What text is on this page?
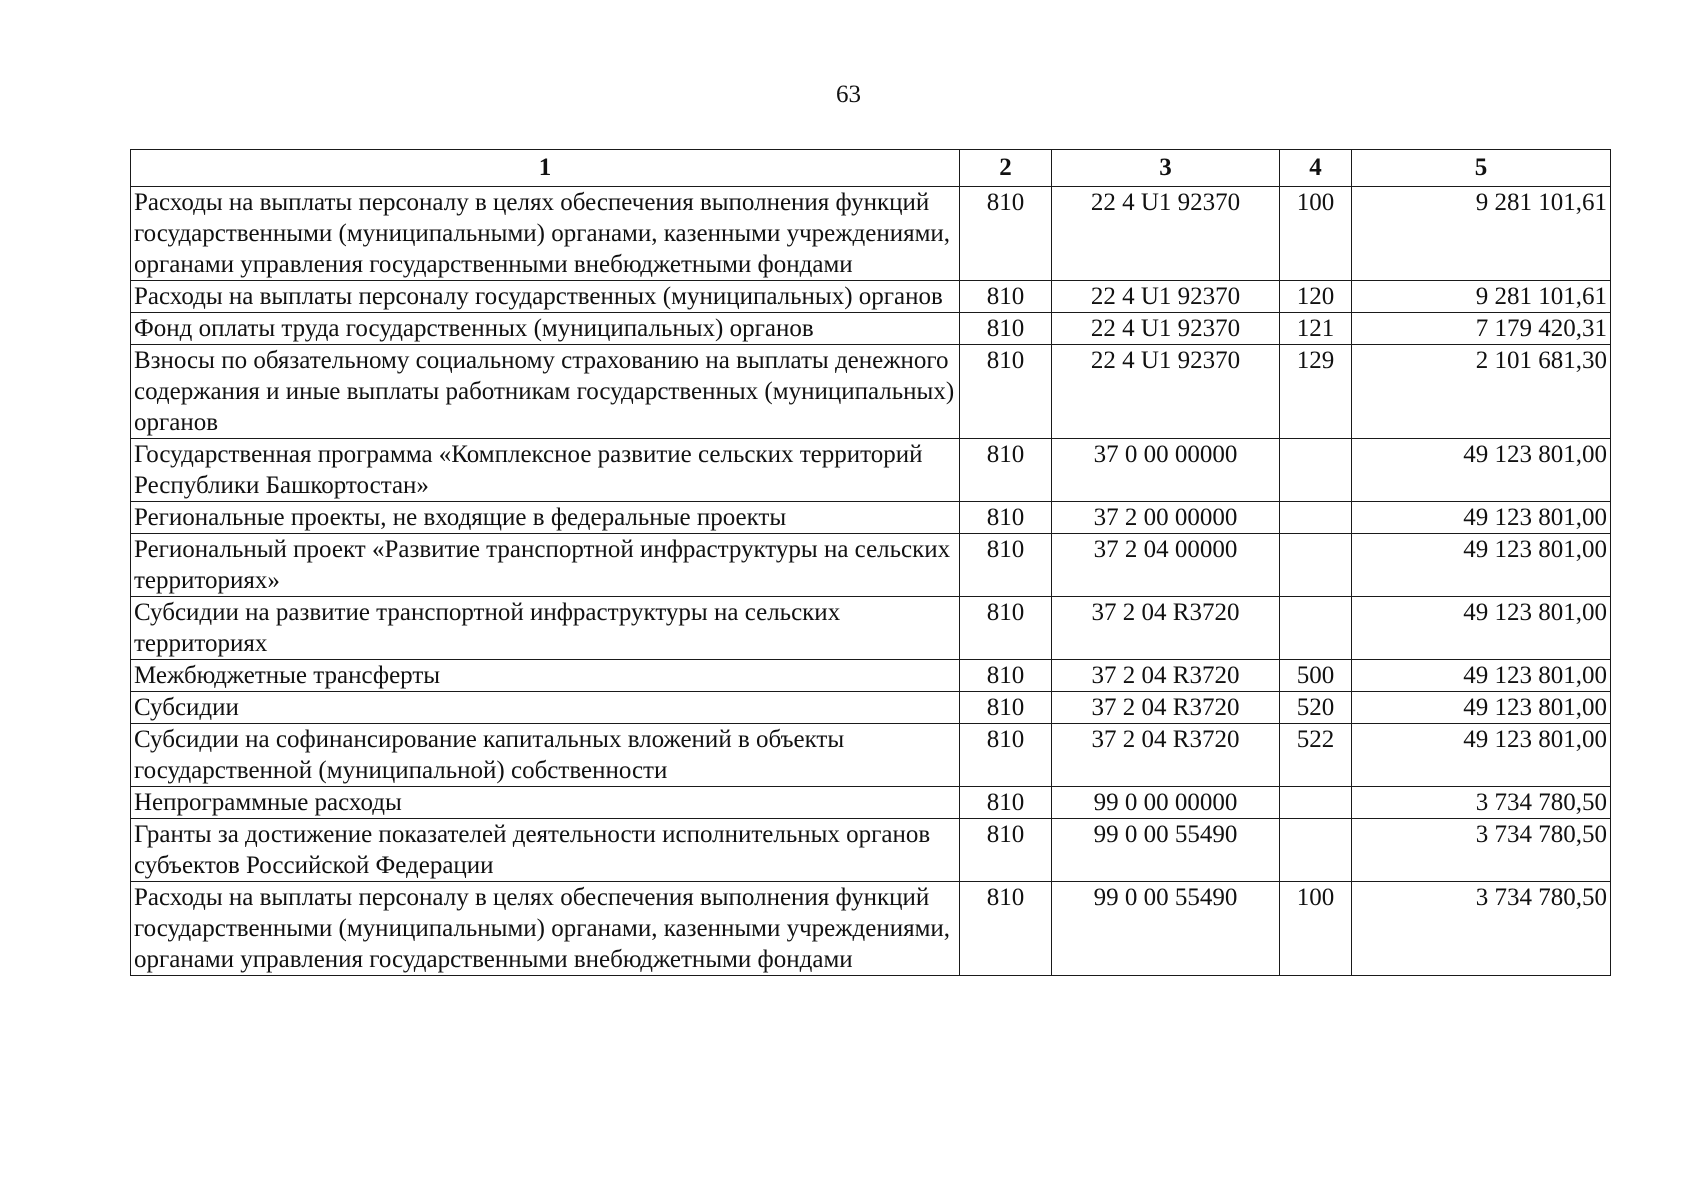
63
1	2	3	4	5
Расходы на выплаты персоналу в целях обеспечения выполнения функций государственными (муниципальными) органами, казенными учреждениями, органами управления государственными внебюджетными фондами	810	22 4 U1 92370	100	9 281 101,61
Расходы на выплаты персоналу государственных (муниципальных) органов	810	22 4 U1 92370	120	9 281 101,61
Фонд оплаты труда государственных (муниципальных) органов	810	22 4 U1 92370	121	7 179 420,31
Взносы по обязательному социальному страхованию на выплаты денежного содержания и иные выплаты работникам государственных (муниципальных) органов	810	22 4 U1 92370	129	2 101 681,30
Государственная программа «Комплексное развитие сельских территорий Республики Башкортостан»	810	37 0 00 00000		49 123 801,00
Региональные проекты, не входящие в федеральные проекты	810	37 2 00 00000		49 123 801,00
Региональный проект «Развитие транспортной инфраструктуры на сельских территориях»	810	37 2 04 00000		49 123 801,00
Субсидии на развитие транспортной инфраструктуры на сельских территориях	810	37 2 04 R3720		49 123 801,00
Межбюджетные трансферты	810	37 2 04 R3720	500	49 123 801,00
Субсидии	810	37 2 04 R3720	520	49 123 801,00
Субсидии на софинансирование капитальных вложений в объекты государственной (муниципальной) собственности	810	37 2 04 R3720	522	49 123 801,00
Непрограммные расходы	810	99 0 00 00000		3 734 780,50
Гранты за достижение показателей деятельности исполнительных органов субъектов Российской Федерации	810	99 0 00 55490		3 734 780,50
Расходы на выплаты персоналу в целях обеспечения выполнения функций государственными (муниципальными) органами, казенными учреждениями, органами управления государственными внебюджетными фондами	810	99 0 00 55490	100	3 734 780,50
